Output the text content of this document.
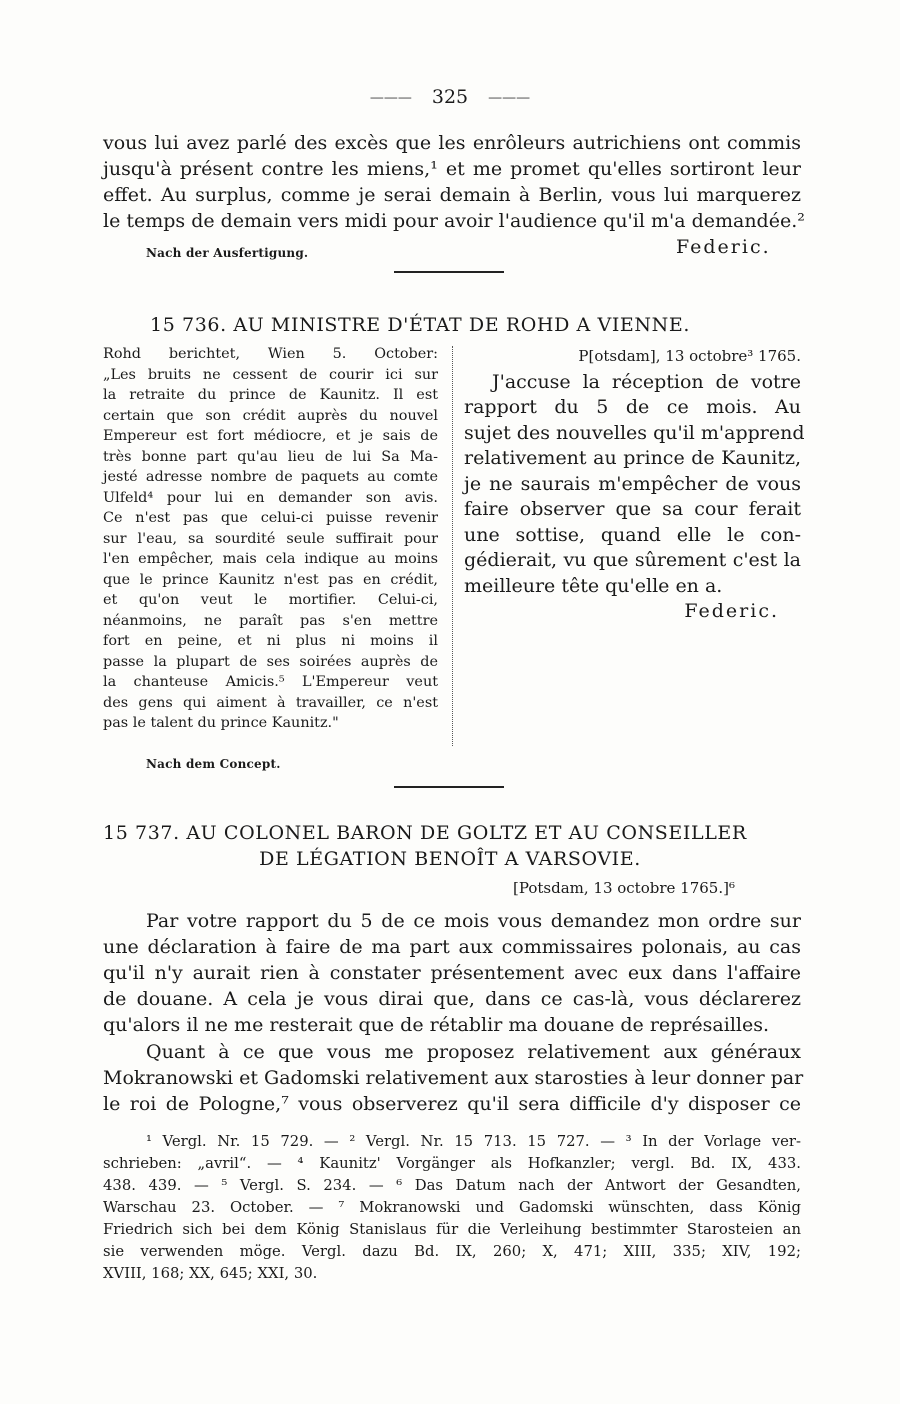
——— 325 ———
vous lui avez parlé des excès que les enrôleurs autrichiens ont commis
jusqu'à présent contre les miens,¹ et me promet qu'elles sortiront leur
effet. Au surplus, comme je serai demain à Berlin, vous lui marquerez
le temps de demain vers midi pour avoir l'audience qu'il m'a demandée.²
Nach der Ausfertigung.	Federic.
15 736. AU MINISTRE D'ÉTAT DE ROHD A VIENNE.
Rohd berichtet, Wien 5. October:
„Les bruits ne cessent de courir ici sur
la retraite du prince de Kaunitz. Il est
certain que son crédit auprès du nouvel
Empereur est fort médiocre, et je sais de
très bonne part qu'au lieu de lui Sa Ma-
jesté adresse nombre de paquets au comte
Ulfeld⁴ pour lui en demander son avis.
Ce n'est pas que celui-ci puisse revenir
sur l'eau, sa sourdité seule suffirait pour
l'en empêcher, mais cela indique au moins
que le prince Kaunitz n'est pas en crédit,
et qu'on veut le mortifier. Celui-ci,
néanmoins, ne paraît pas s'en mettre
fort en peine, et ni plus ni moins il
passe la plupart de ses soirées auprès de
la chanteuse Amicis.⁵ L'Empereur veut
des gens qui aiment à travailler, ce n'est
pas le talent du prince Kaunitz."
P[otsdam], 13 octobre³ 1765.
J'accuse la réception de votre
rapport du 5 de ce mois. Au
sujet des nouvelles qu'il m'apprend
relativement au prince de Kaunitz,
je ne saurais m'empêcher de vous
faire observer que sa cour ferait
une sottise, quand elle le con-
gédierait, vu que sûrement c'est la
meilleure tête qu'elle en a.
Federic.
Nach dem Concept.
15 737. AU COLONEL BARON DE GOLTZ ET AU CONSEILLER
DE LÉGATION BENOÎT A VARSOVIE.
[Potsdam, 13 octobre 1765.]⁶
Par votre rapport du 5 de ce mois vous demandez mon ordre sur
une déclaration à faire de ma part aux commissaires polonais, au cas
qu'il n'y aurait rien à constater présentement avec eux dans l'affaire
de douane. A cela je vous dirai que, dans ce cas-là, vous déclarerez
qu'alors il ne me resterait que de rétablir ma douane de représailles.
Quant à ce que vous me proposez relativement aux généraux
Mokranowski et Gadomski relativement aux starosties à leur donner par
le roi de Pologne,⁷ vous observerez qu'il sera difficile d'y disposer ce
¹ Vergl. Nr. 15 729. — ² Vergl. Nr. 15 713. 15 727. — ³ In der Vorlage ver-
schrieben: „avril“. — ⁴ Kaunitz' Vorgänger als Hofkanzler; vergl. Bd. IX, 433.
438. 439. — ⁵ Vergl. S. 234. — ⁶ Das Datum nach der Antwort der Gesandten,
Warschau 23. October. — ⁷ Mokranowski und Gadomski wünschten, dass König
Friedrich sich bei dem König Stanislaus für die Verleihung bestimmter Starosteien an
sie verwenden möge. Vergl. dazu Bd. IX, 260; X, 471; XIII, 335; XIV, 192;
XVIII, 168; XX, 645; XXI, 30.
